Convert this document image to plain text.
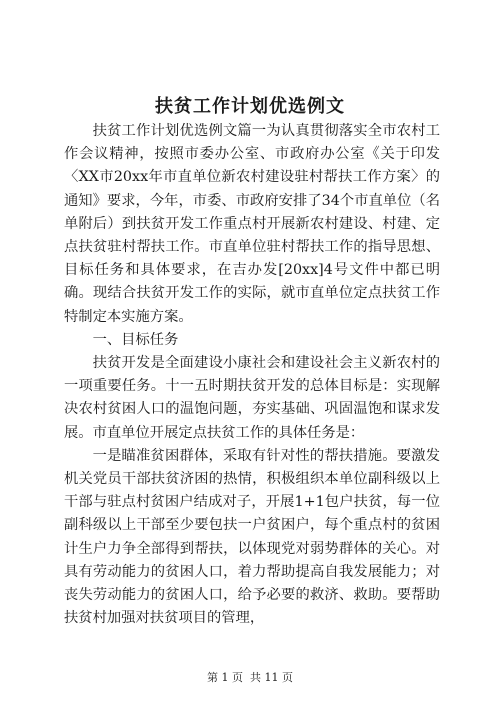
扶贫工作计划优选例文

扶贫工作计划优选例文篇一为认真贯彻落实全市农村工作会议精神，按照市委办公室、市政府办公室《关于印发〈XX市20xx年市直单位新农村建设驻村帮扶工作方案〉的通知》要求，今年，市委、市政府安排了34个市直单位（名单附后）到扶贫开发工作重点村开展新农村建设、村建、定点扶贫驻村帮扶工作。市直单位驻村帮扶工作的指导思想、目标任务和具体要求，在吉办发[20xx]4号文件中都已明确。现结合扶贫开发工作的实际，就市直单位定点扶贫工作特制定本实施方案。

一、目标任务

扶贫开发是全面建设小康社会和建设社会主义新农村的一项重要任务。十一五时期扶贫开发的总体目标是：实现解决农村贫困人口的温饱问题，夯实基础、巩固温饱和谋求发展。市直单位开展定点扶贫工作的具体任务是：

一是瞄准贫困群体，采取有针对性的帮扶措施。要激发机关党员干部扶贫济困的热情，积极组织本单位副科级以上干部与驻点村贫困户结成对子，开展1+1包户扶贫，每一位副科级以上干部至少要包扶一户贫困户，每个重点村的贫困计生户力争全部得到帮扶，以体现党对弱势群体的关心。对具有劳动能力的贫困人口，着力帮助提高自我发展能力；对丧失劳动能力的贫困人口，给予必要的救济、救助。要帮助扶贫村加强对扶贫项目的管理，

第 1 页  共 11 页
